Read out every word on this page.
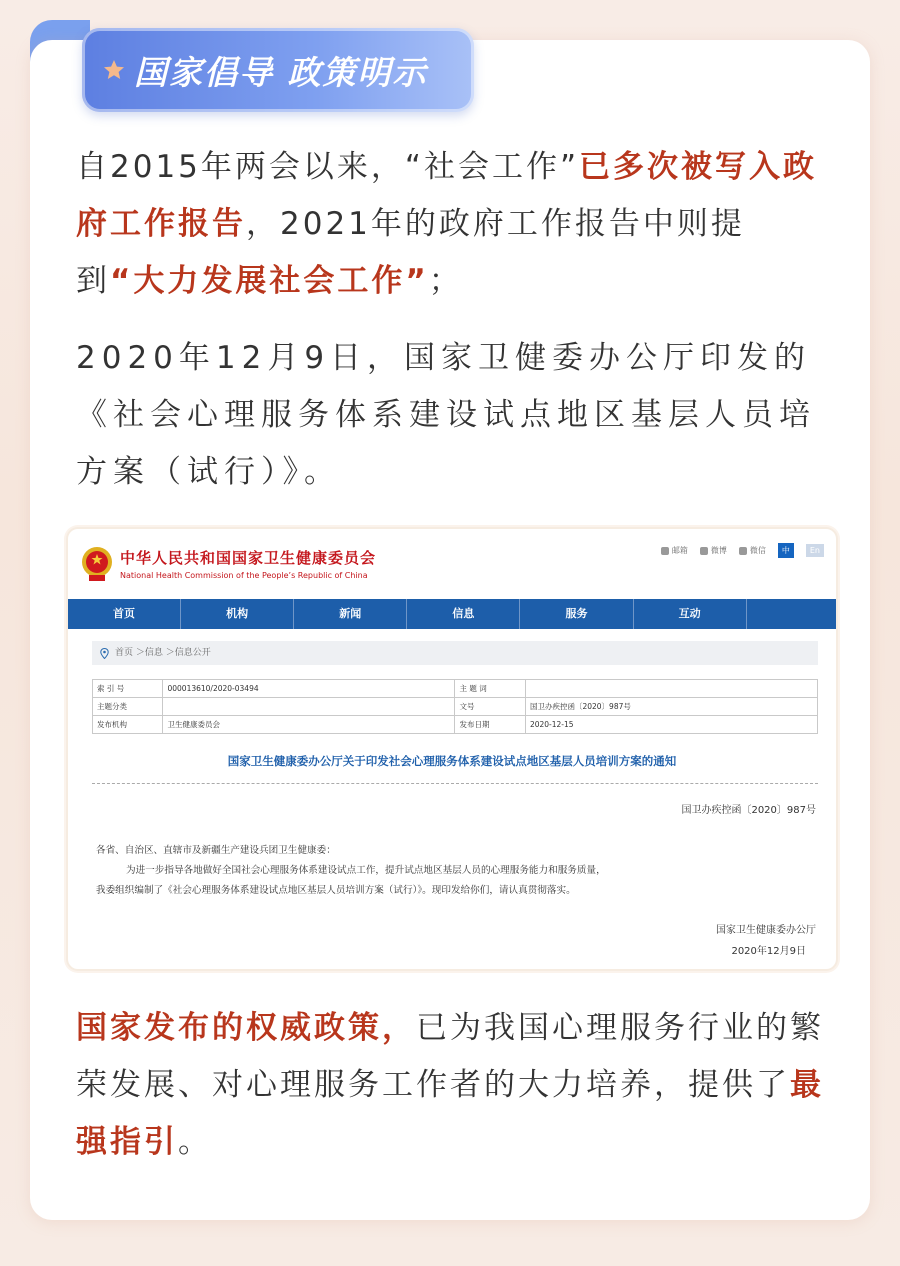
国家倡导 政策明示
自2015年两会以来，“社会工作”已多次被写入政府工作报告，2021年的政府工作报告中则提到“大力发展社会工作”；
2020年12月9日，国家卫健委办公厅印发的《社会心理服务体系建设试点地区基层人员培方案（试行）》。
中华人民共和国国家卫生健康委员会
National Health Commission of the People’s Republic of China
邮箱	微博	微信	中	En
首页	机构	新闻	信息	服务	互动
首页 ＞信息 ＞信息公开
索 引 号	000013610/2020-03494	主 题 词	
主题分类		文号	国卫办疾控函〔2020〕987号
发布机构	卫生健康委员会	发布日期	2020-12-15
国家卫生健康委办公厅关于印发社会心理服务体系建设试点地区基层人员培训方案的通知
国卫办疾控函〔2020〕987号
各省、自治区、直辖市及新疆生产建设兵团卫生健康委：
为进一步指导各地做好全国社会心理服务体系建设试点工作，提升试点地区基层人员的心理服务能力和服务质量，
我委组织编制了《社会心理服务体系建设试点地区基层人员培训方案（试行）》。现印发给你们，请认真贯彻落实。
国家卫生健康委办公厅
2020年12月9日
国家发布的权威政策，已为我国心理服务行业的繁荣发展、对心理服务工作者的大力培养，提供了最强指引。
